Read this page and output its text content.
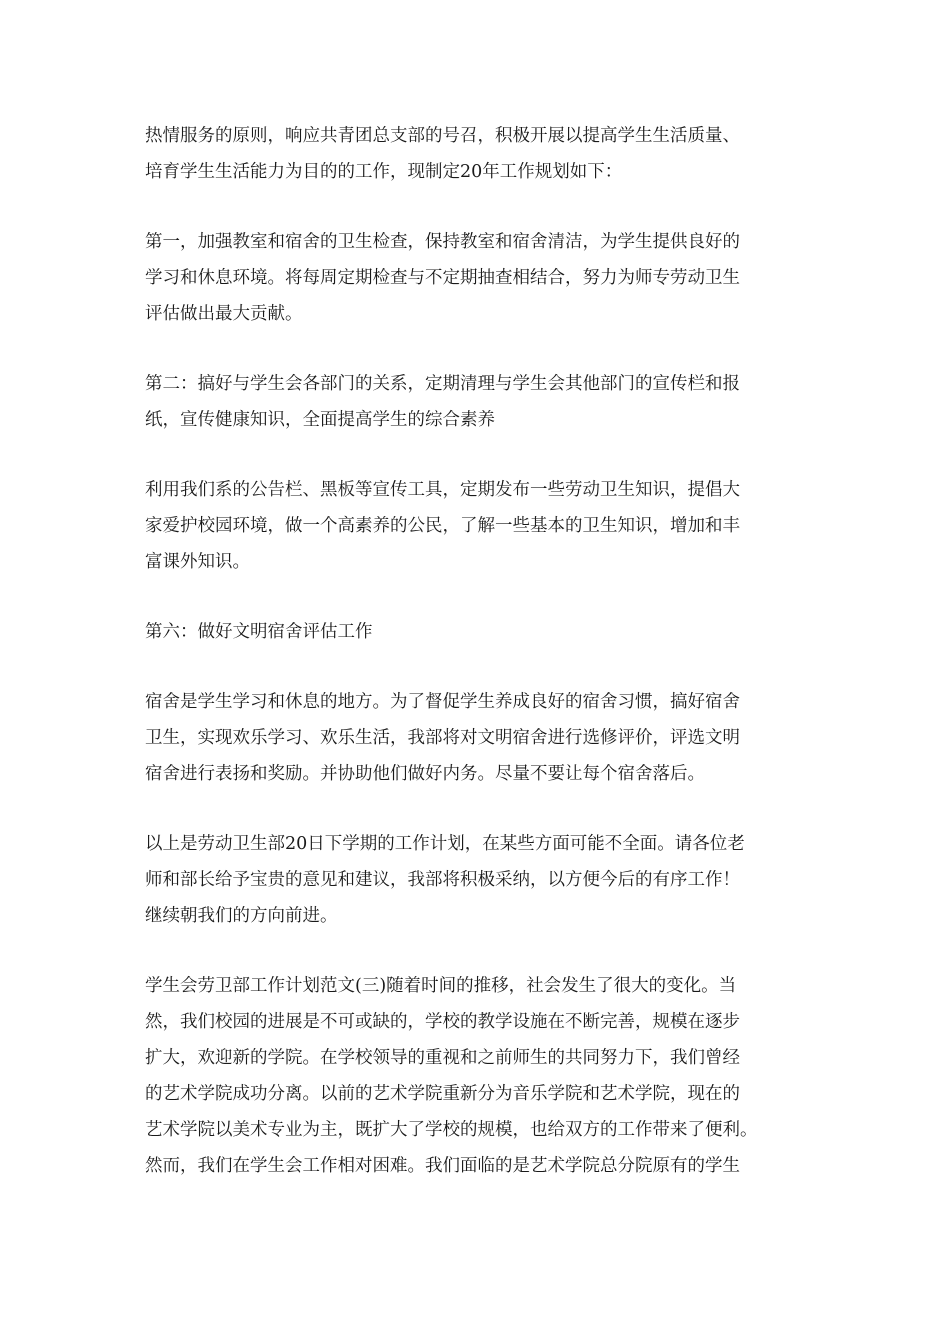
热情服务的原则，响应共青团总支部的号召，积极开展以提高学生生活质量、
培育学生生活能力为目的的工作，现制定20年工作规划如下：
第一，加强教室和宿舍的卫生检查，保持教室和宿舍清洁，为学生提供良好的
学习和休息环境。将每周定期检查与不定期抽查相结合，努力为师专劳动卫生
评估做出最大贡献。
第二：搞好与学生会各部门的关系，定期清理与学生会其他部门的宣传栏和报
纸，宣传健康知识，全面提高学生的综合素养
利用我们系的公告栏、黑板等宣传工具，定期发布一些劳动卫生知识，提倡大
家爱护校园环境，做一个高素养的公民，了解一些基本的卫生知识，增加和丰
富课外知识。
第六：做好文明宿舍评估工作
宿舍是学生学习和休息的地方。为了督促学生养成良好的宿舍习惯，搞好宿舍
卫生，实现欢乐学习、欢乐生活，我部将对文明宿舍进行选修评价，评选文明
宿舍进行表扬和奖励。并协助他们做好内务。尽量不要让每个宿舍落后。
以上是劳动卫生部20日下学期的工作计划，在某些方面可能不全面。请各位老
师和部长给予宝贵的意见和建议，我部将积极采纳，以方便今后的有序工作！
继续朝我们的方向前进。
学生会劳卫部工作计划范文(三)随着时间的推移，社会发生了很大的变化。当
然，我们校园的进展是不可或缺的，学校的教学设施在不断完善，规模在逐步
扩大，欢迎新的学院。在学校领导的重视和之前师生的共同努力下，我们曾经
的艺术学院成功分离。以前的艺术学院重新分为音乐学院和艺术学院，现在的
艺术学院以美术专业为主，既扩大了学校的规模，也给双方的工作带来了便利。
然而，我们在学生会工作相对困难。我们面临的是艺术学院总分院原有的学生
